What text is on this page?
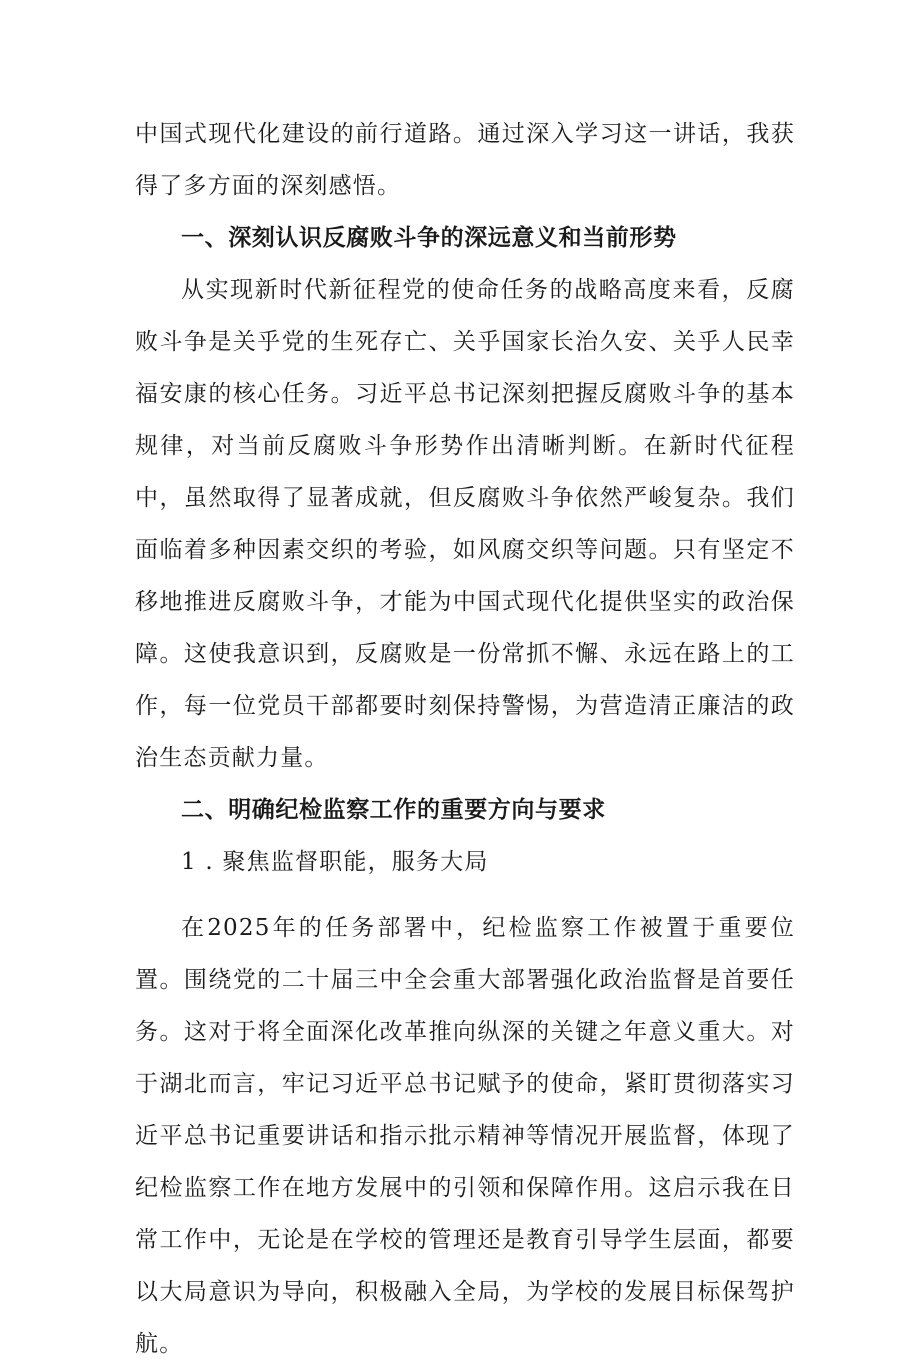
中国式现代化建设的前行道路。通过深入学习这一讲话，我获得了多方面的深刻感悟。

一、深刻认识反腐败斗争的深远意义和当前形势

从实现新时代新征程党的使命任务的战略高度来看，反腐败斗争是关乎党的生死存亡、关乎国家长治久安、关乎人民幸福安康的核心任务。习近平总书记深刻把握反腐败斗争的基本规律，对当前反腐败斗争形势作出清晰判断。在新时代征程中，虽然取得了显著成就，但反腐败斗争依然严峻复杂。我们面临着多种因素交织的考验，如风腐交织等问题。只有坚定不移地推进反腐败斗争，才能为中国式现代化提供坚实的政治保障。这使我意识到，反腐败是一份常抓不懈、永远在路上的工作，每一位党员干部都要时刻保持警惕，为营造清正廉洁的政治生态贡献力量。

二、明确纪检监察工作的重要方向与要求

1 . 聚焦监督职能，服务大局

在2025年的任务部署中，纪检监察工作被置于重要位置。围绕党的二十届三中全会重大部署强化政治监督是首要任务。这对于将全面深化改革推向纵深的关键之年意义重大。对于湖北而言，牢记习近平总书记赋予的使命，紧盯贯彻落实习近平总书记重要讲话和指示批示精神等情况开展监督，体现了纪检监察工作在地方发展中的引领和保障作用。这启示我在日常工作中，无论是在学校的管理还是教育引导学生层面，都要以大局意识为导向，积极融入全局，为学校的发展目标保驾护航。
